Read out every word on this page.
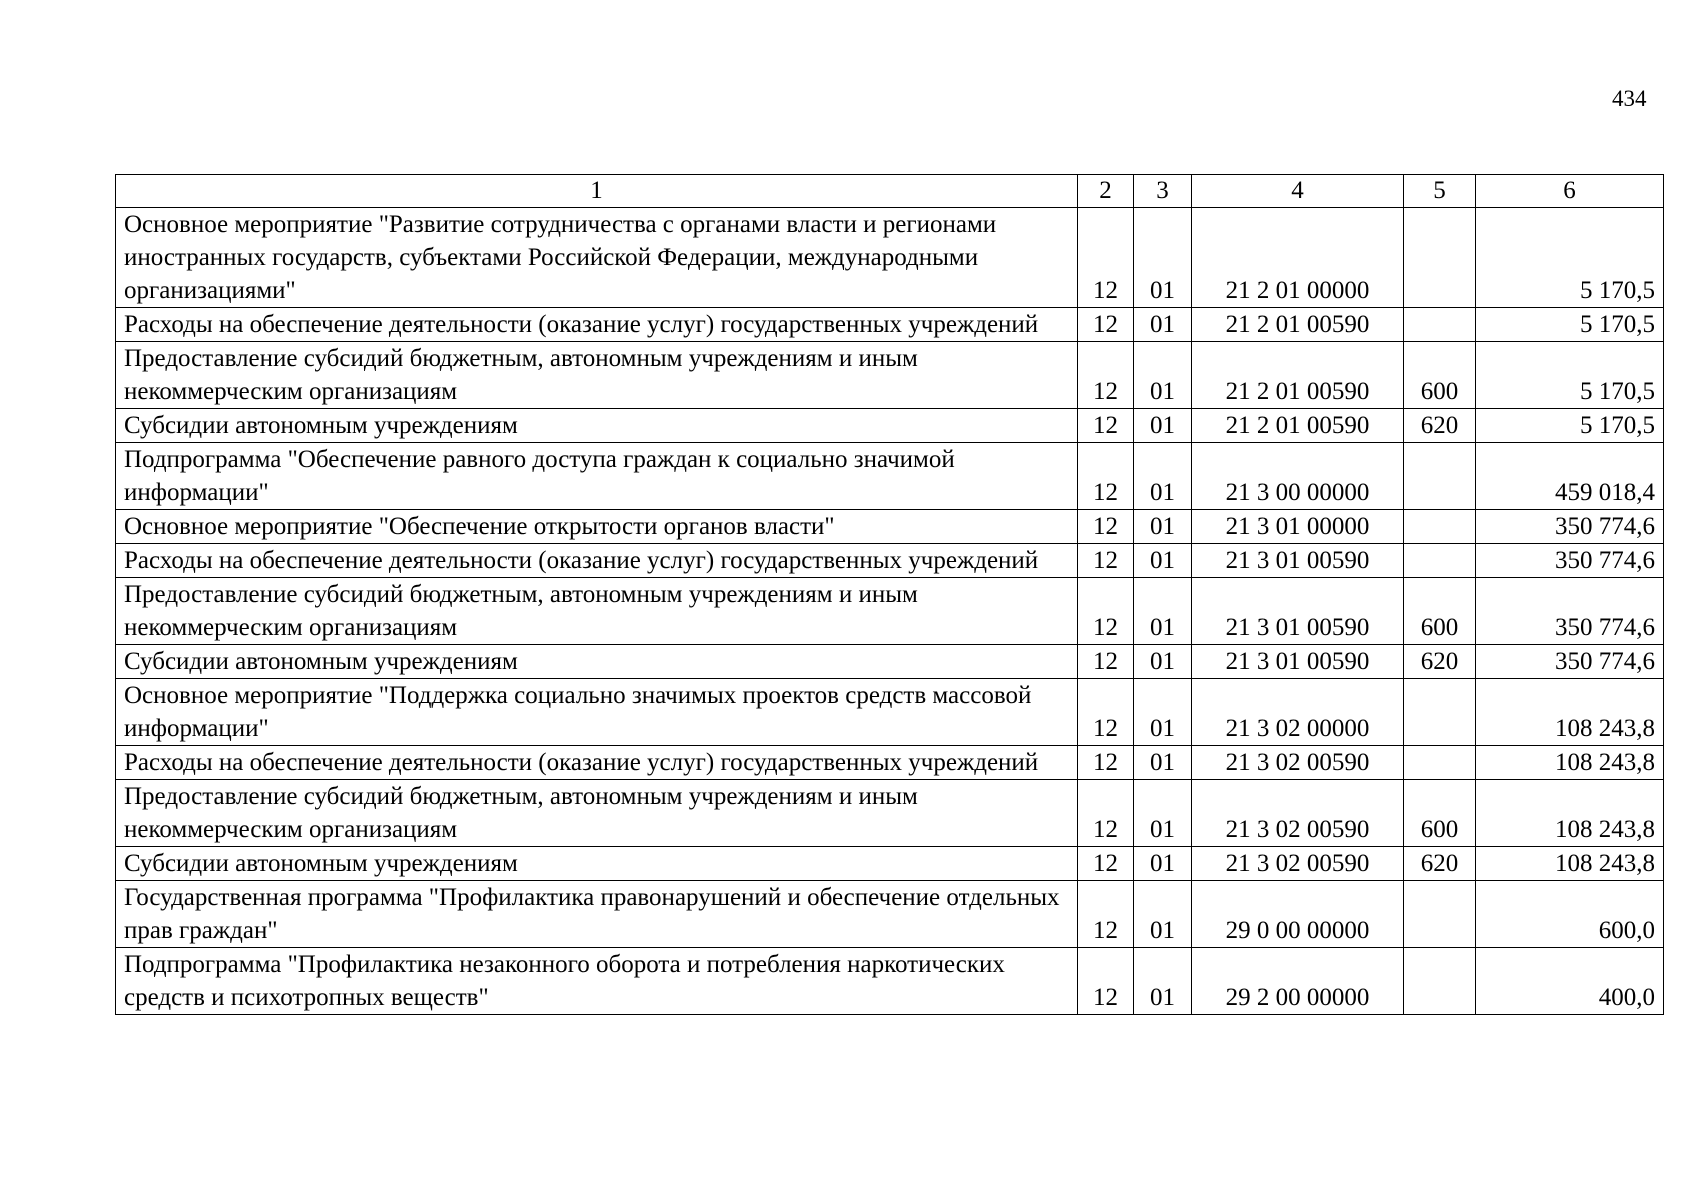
434
1	2	3	4	5	6
Основное мероприятие "Развитие сотрудничества с органами власти и регионами иностранных государств, субъектами Российской Федерации, международными организациями"	12	01	21 2 01 00000		5 170,5
Расходы на обеспечение деятельности (оказание услуг) государственных учреждений	12	01	21 2 01 00590		5 170,5
Предоставление субсидий бюджетным, автономным учреждениям и иным некоммерческим организациям	12	01	21 2 01 00590	600	5 170,5
Субсидии автономным учреждениям	12	01	21 2 01 00590	620	5 170,5
Подпрограмма "Обеспечение равного доступа граждан к социально значимой информации"	12	01	21 3 00 00000		459 018,4
Основное мероприятие "Обеспечение открытости органов власти"	12	01	21 3 01 00000		350 774,6
Расходы на обеспечение деятельности (оказание услуг) государственных учреждений	12	01	21 3 01 00590		350 774,6
Предоставление субсидий бюджетным, автономным учреждениям и иным некоммерческим организациям	12	01	21 3 01 00590	600	350 774,6
Субсидии автономным учреждениям	12	01	21 3 01 00590	620	350 774,6
Основное мероприятие "Поддержка социально значимых проектов средств массовой информации"	12	01	21 3 02 00000		108 243,8
Расходы на обеспечение деятельности (оказание услуг) государственных учреждений	12	01	21 3 02 00590		108 243,8
Предоставление субсидий бюджетным, автономным учреждениям и иным некоммерческим организациям	12	01	21 3 02 00590	600	108 243,8
Субсидии автономным учреждениям	12	01	21 3 02 00590	620	108 243,8
Государственная программа "Профилактика правонарушений и обеспечение отдельных прав граждан"	12	01	29 0 00 00000		600,0
Подпрограмма "Профилактика незаконного оборота и потребления наркотических средств и психотропных веществ"	12	01	29 2 00 00000		400,0
